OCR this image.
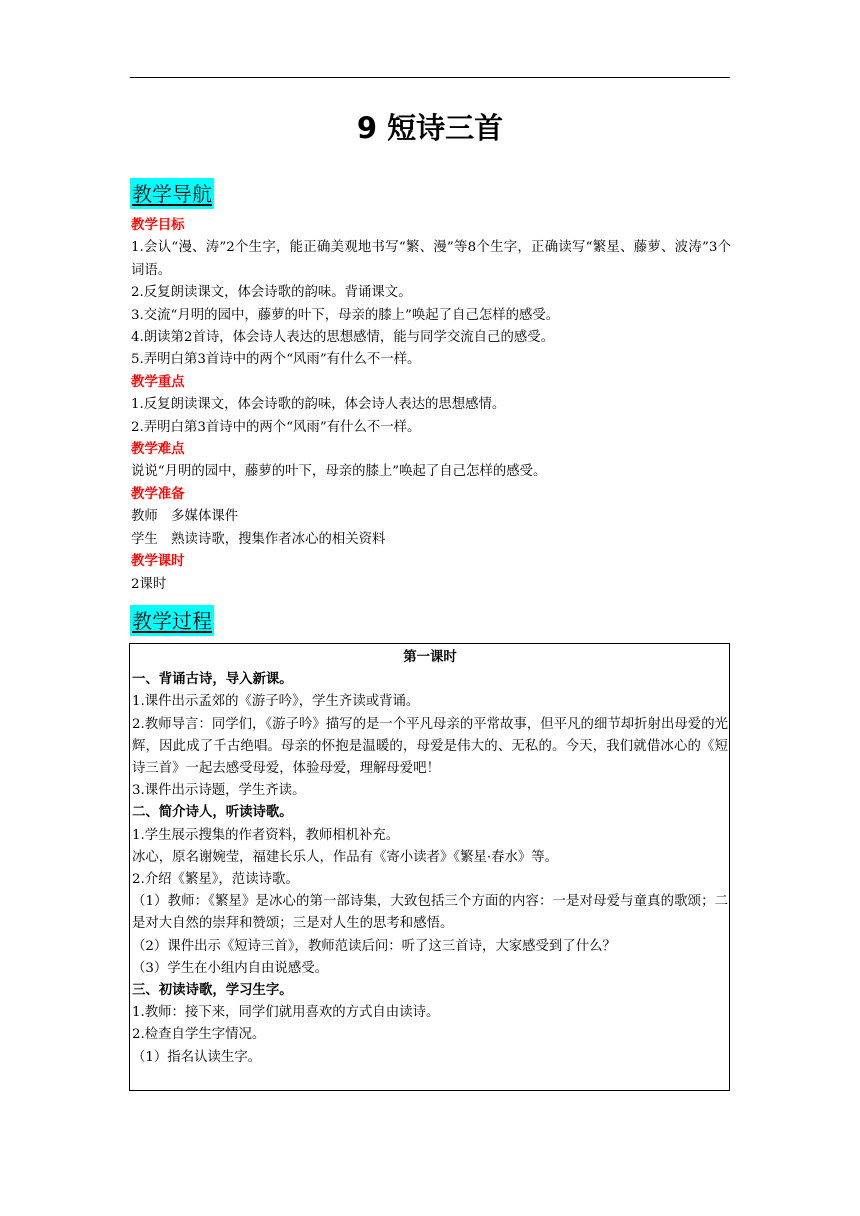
9 短诗三首
教学导航

教学目标

1.会认“漫、涛”2个生字，能正确美观地书写“繁、漫”等8个生字，正确读写“繁星、藤萝、波涛”3个词语。

2.反复朗读课文，体会诗歌的韵味。背诵课文。

3.交流“月明的园中，藤萝的叶下，母亲的膝上”唤起了自己怎样的感受。

4.朗读第2首诗，体会诗人表达的思想感情，能与同学交流自己的感受。

5.弄明白第3首诗中的两个“风雨”有什么不一样。

教学重点

1.反复朗读课文，体会诗歌的韵味，体会诗人表达的思想感情。

2.弄明白第3首诗中的两个“风雨”有什么不一样。

教学难点

说说“月明的园中，藤萝的叶下，母亲的膝上”唤起了自己怎样的感受。

教学准备

教师　多媒体课件

学生　熟读诗歌，搜集作者冰心的相关资料

教学课时

2课时

教学过程

第一课时

一、背诵古诗，导入新课。

1.课件出示孟郊的《游子吟》，学生齐读或背诵。

2.教师导言：同学们，《游子吟》描写的是一个平凡母亲的平常故事，但平凡的细节却折射出母爱的光辉，因此成了千古绝唱。母亲的怀抱是温暖的，母爱是伟大的、无私的。今天，我们就借冰心的《短诗三首》一起去感受母爱，体验母爱，理解母爱吧！

3.课件出示诗题，学生齐读。

二、简介诗人，听读诗歌。

1.学生展示搜集的作者资料，教师相机补充。

冰心，原名谢婉莹，福建长乐人，作品有《寄小读者》《繁星·春水》等。

2.介绍《繁星》，范读诗歌。

（1）教师：《繁星》是冰心的第一部诗集，大致包括三个方面的内容：一是对母爱与童真的歌颂；二是对大自然的崇拜和赞颂；三是对人生的思考和感悟。

（2）课件出示《短诗三首》，教师范读后问：听了这三首诗，大家感受到了什么？

（3）学生在小组内自由说感受。

三、初读诗歌，学习生字。

1.教师：接下来，同学们就用喜欢的方式自由读诗。

2.检查自学生字情况。

（1）指名认读生字。
